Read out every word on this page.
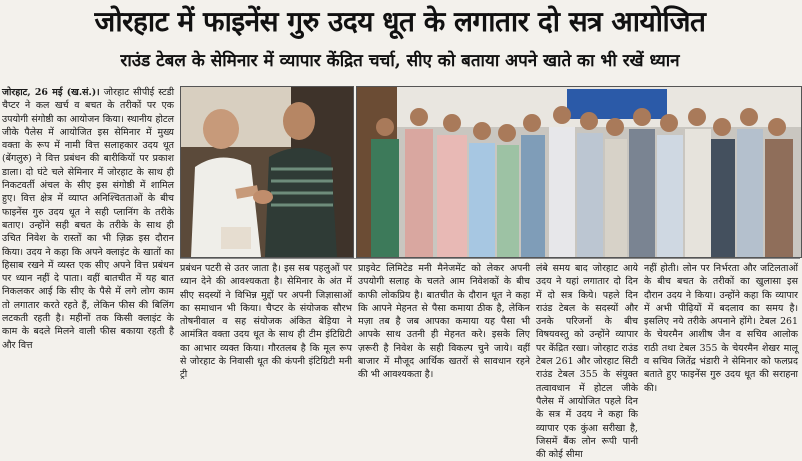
जोरहाट में फाइनेंस गुरु उदय धूत के लगातार दो सत्र आयोजित
राउंड टेबल के सेमिनार में व्यापार केंद्रित चर्चा, सीए को बताया अपने खाते का भी रखें ध्यान
जोरहाट, 26 मई (ख.सं.)। जोरहाट सीपीई स्टडी चैप्टर ने कल खर्च व बचत के तरीकों पर एक उपयोगी संगोष्ठी का आयोजन किया। स्थानीय होटल जीके पैलेस में आयोजित इस सेमिनार में मुख्य वक्ता के रूप में नामी वित्त सलाहकार उदय धूत (बेंगलुरु) ने वित्त प्रबंधन की बारीकियों पर प्रकाश डाला। दो घंटे चले सेमिनार में जोरहाट के साथ ही निकटवर्ती अंचल के सीए इस संगोष्ठी में शामिल हुए। वित्त क्षेत्र में व्याप्त अनिश्चितताओं के बीच फाइनेंस गुरु उदय धूत ने सही प्लानिंग के तरीके बताए। उन्होंने सही बचत के तरीके के साथ ही उचित निवेश के रास्तों का भी ज़िक्र इस दौरान किया। उदय ने कहा कि अपने क्लाइंट के खातों का हिसाब रखने में व्यस्त एक सीए अपने वित्त प्रबंधन पर ध्यान नहीं दे पाता। वहीं बातचीत में यह बात निकलकर आई कि सीए के पैसे में लगे लोग काम तो लगातार करते रहते हैं, लेकिन फीस की बिलिंग लटकती रहती है। महीनों तक किसी क्लाइंट के काम के बदले मिलने वाली फीस बकाया रहती है और वित्त
प्रबंधन पटरी से उतर जाता है। इस सब पहलुओं पर ध्यान देने की आवश्यकता है। सेमिनार के अंत में सीए सदस्यों ने विभिन्न मुद्दों पर अपनी जिज्ञासाओं का समाधान भी किया। चैप्टर के संयोजक सौरभ तोषनीवाल व सह संयोजक अंकित बेड़िया ने आमंत्रित वक्ता उदय धूत के साथ ही टीम इंटिग्रिटी का आभार व्यक्त किया। गौरतलब है कि मूल रूप से जोरहाट के निवासी धूत की कंपनी इंटिग्रिटी मनी ट्री
प्राइवेट लिमिटेड मनी मैनेजमेंट को लेकर अपनी उपयोगी सलाह के चलते आम निवेशकों के बीच काफी लोकप्रिय है। बातचीत के दौरान धूत ने कहा कि आपने मेहनत से पैसा कमाया ठीक है, लेकिन मज़ा तब है जब आपका कमाया यह पैसा भी आपके साथ उतनी ही मेहनत करे। इसके लिए ज़रूरी है निवेश के सही विकल्प चुने जाये। वहीं बाजार में मौजूद आर्थिक खतरों से सावधान रहने की भी आवश्यकता है।
लंबे समय बाद जोरहाट आये उदय ने यहां लगातार दो दिन में दो सत्र किये। पहले दिन राउंड टेबल के सदस्यों और उनके परिजनों के बीच विषयवस्तु को उन्होंने व्यापार पर केंद्रित रखा। जोरहाट राउंड टेबल 261 और जोरहाट सिटी राउंड टेबल 355 के संयुक्त तत्वावधान में होटल जीके पैलेस में आयोजित पहले दिन के सत्र में उदय ने कहा कि व्यापार एक कुंआ सरीखा है, जिसमें बैंक लोन रूपी पानी की कोई सीमा
नहीं होती। लोन पर निर्भरता और जटिलताओं के बीच बचत के तरीकों का खुलासा इस दौरान उदय ने किया। उन्होंने कहा कि व्यापार में अभी पीढ़ियों में बदलाव का समय है। इसलिए नये तरीके अपनाने होंगे। टेबल 261 के चेयरमैन आशीष जैन व सचिव आलोक राठी तथा टेबल 355 के चेयरमैन शेखर मालू व सचिव जितेंद्र भंडारी ने सेमिनार को फलप्रद बताते हुए फाइनेंस गुरु उदय धूत की सराहना की।
